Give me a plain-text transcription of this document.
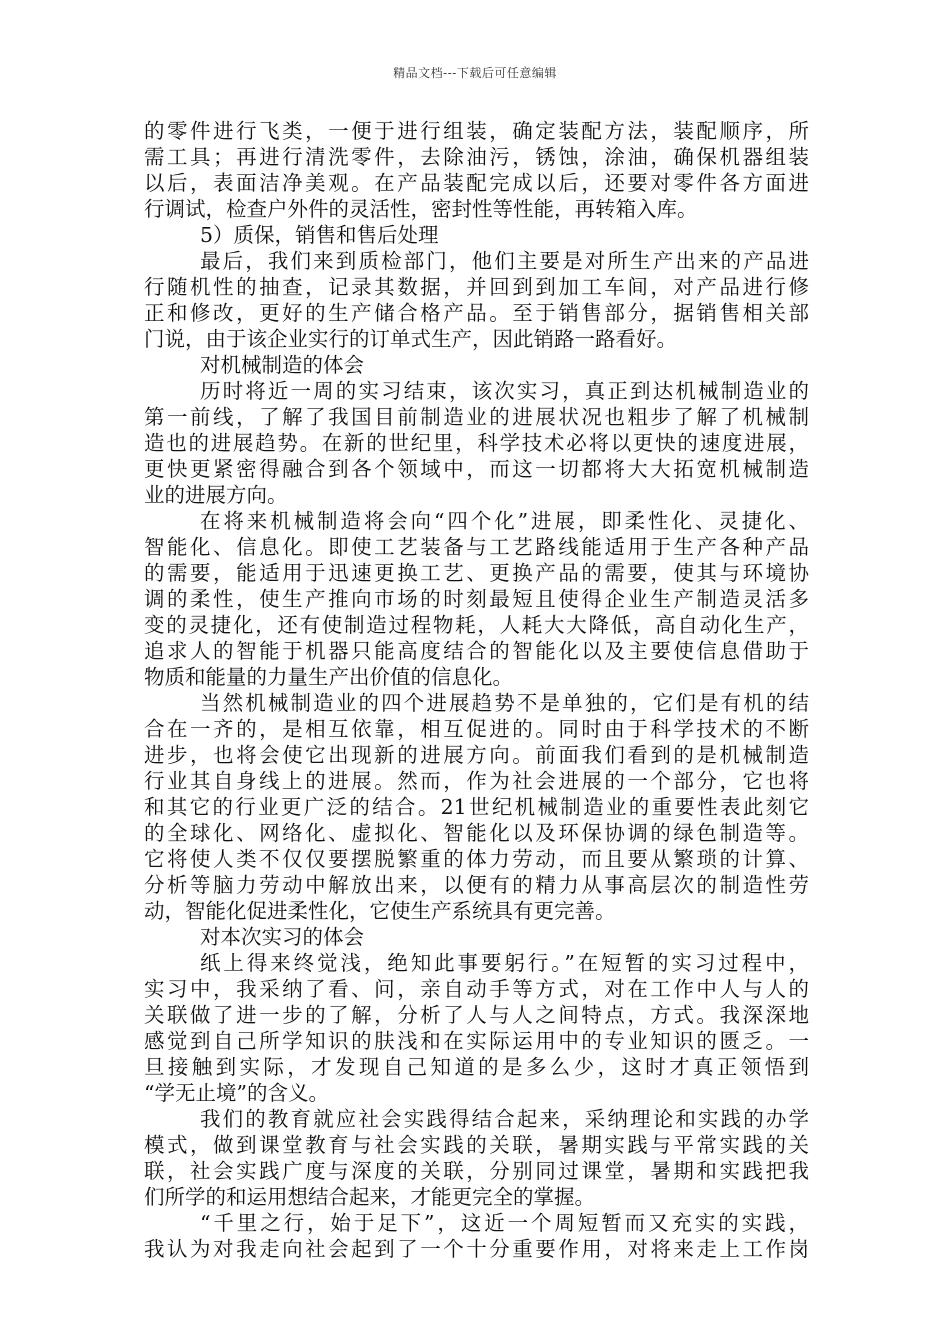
精品文档---下载后可任意编辑
的零件进行飞类，一便于进行组装，确定装配方法，装配顺序，所
需工具；再进行清洗零件，去除油污，锈蚀，涂油，确保机器组装
以后，表面洁净美观。在产品装配完成以后，还要对零件各方面进
行调试，检查户外件的灵活性，密封性等性能，再转箱入库。
5）质保，销售和售后处理
最后，我们来到质检部门，他们主要是对所生产出来的产品进
行随机性的抽查，记录其数据，并回到到加工车间，对产品进行修
正和修改，更好的生产储合格产品。至于销售部分，据销售相关部
门说，由于该企业实行的订单式生产，因此销路一路看好。
对机械制造的体会
历时将近一周的实习结束，该次实习，真正到达机械制造业的
第一前线，了解了我国目前制造业的进展状况也粗步了解了机械制
造也的进展趋势。在新的世纪里，科学技术必将以更快的速度进展，
更快更紧密得融合到各个领域中，而这一切都将大大拓宽机械制造
业的进展方向。
在将来机械制造将会向“四个化”进展，即柔性化、灵捷化、
智能化、信息化。即使工艺装备与工艺路线能适用于生产各种产品
的需要，能适用于迅速更换工艺、更换产品的需要，使其与环境协
调的柔性，使生产推向市场的时刻最短且使得企业生产制造灵活多
变的灵捷化，还有使制造过程物耗，人耗大大降低，高自动化生产，
追求人的智能于机器只能高度结合的智能化以及主要使信息借助于
物质和能量的力量生产出价值的信息化。
当然机械制造业的四个进展趋势不是单独的，它们是有机的结
合在一齐的，是相互依靠，相互促进的。同时由于科学技术的不断
进步，也将会使它出现新的进展方向。前面我们看到的是机械制造
行业其自身线上的进展。然而，作为社会进展的一个部分，它也将
和其它的行业更广泛的结合。21世纪机械制造业的重要性表此刻它
的全球化、网络化、虚拟化、智能化以及环保协调的绿色制造等。
它将使人类不仅仅要摆脱繁重的体力劳动，而且要从繁琐的计算、
分析等脑力劳动中解放出来，以便有的精力从事高层次的制造性劳
动，智能化促进柔性化，它使生产系统具有更完善。
对本次实习的体会
纸上得来终觉浅，绝知此事要躬行。”在短暂的实习过程中，
实习中，我采纳了看、问，亲自动手等方式，对在工作中人与人的
关联做了进一步的了解，分析了人与人之间特点，方式。我深深地
感觉到自己所学知识的肤浅和在实际运用中的专业知识的匮乏。一
旦接触到实际，才发现自己知道的是多么少，这时才真正领悟到
“学无止境”的含义。
我们的教育就应社会实践得结合起来，采纳理论和实践的办学
模式，做到课堂教育与社会实践的关联，暑期实践与平常实践的关
联，社会实践广度与深度的关联，分别同过课堂，暑期和实践把我
们所学的和运用想结合起来，才能更完全的掌握。
“千里之行，始于足下”，这近一个周短暂而又充实的实践，
我认为对我走向社会起到了一个十分重要作用，对将来走上工作岗
